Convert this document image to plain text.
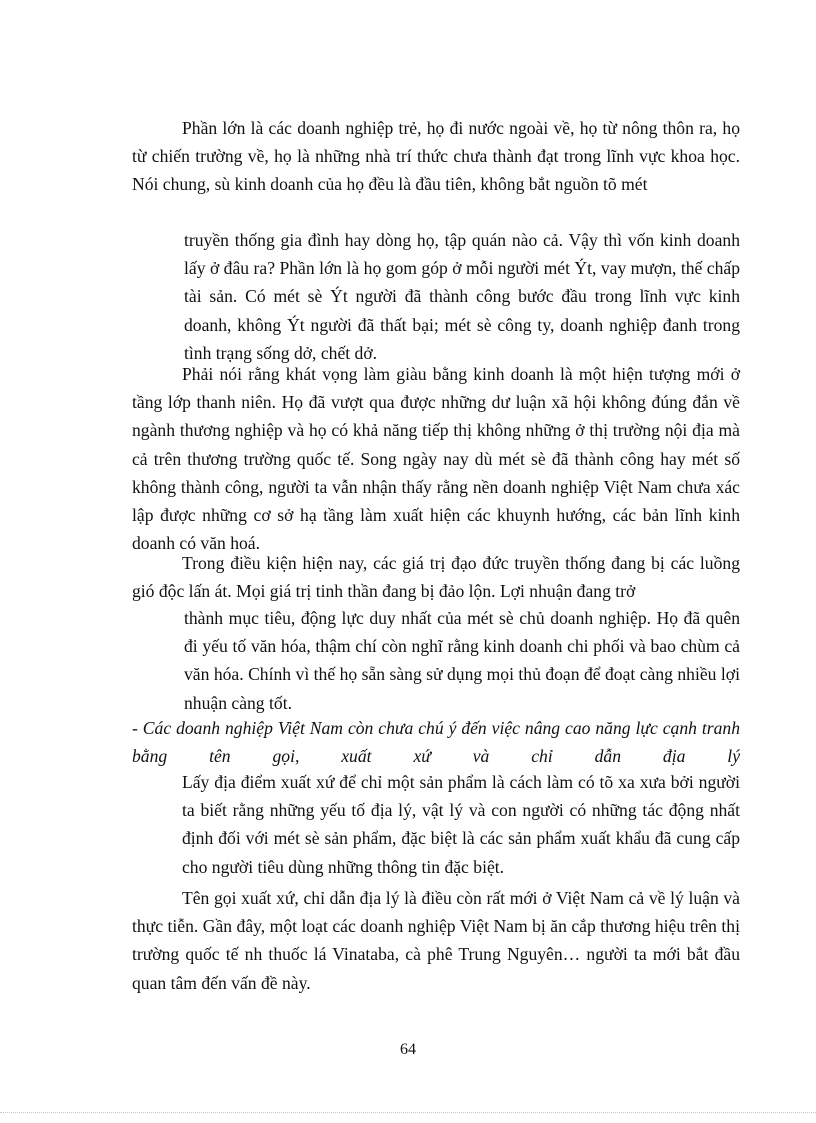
Phần lớn là các doanh nghiệp trẻ, họ đi nước ngoài về, họ từ nông thôn ra, họ từ chiến trường về, họ là những nhà trí thức chưa thành đạt trong lĩnh vực khoa học. Nói chung, sù kinh doanh của họ đều là đầu tiên, không bắt nguồn tõ mét

truyền thống gia đình hay dòng họ, tập quán nào cả. Vậy thì vốn kinh doanh lấy ở đâu ra? Phần lớn là họ gom góp ở mỗi người mét Ýt, vay mượn, thế chấp tài sản. Có mét sè Ýt người đã thành công bước đầu trong lĩnh vực kinh doanh, không Ýt người đã thất bại; mét sè công ty, doanh nghiệp đanh trong tình trạng sống dở, chết dở.

Phải nói rằng khát vọng làm giàu bằng kinh doanh là một hiện tượng mới ở tầng lớp thanh niên. Họ đã vượt qua được những dư luận xã hội không đúng đắn về ngành thương nghiệp và họ có khả năng tiếp thị không những ở thị trường nội địa mà cả trên thương trường quốc tế. Song ngày nay dù mét sè đã thành công hay mét số không thành công, người ta vẫn nhận thấy rằng nền doanh nghiệp Việt Nam chưa xác lập được những cơ sở hạ tầng làm xuất hiện các khuynh hướng, các bản lĩnh kinh doanh có văn hoá.

Trong điều kiện hiện nay, các giá trị đạo đức truyền thống đang bị các luồng gió độc lấn át. Mọi giá trị tinh thần đang bị đảo lộn. Lợi nhuận đang trở

thành mục tiêu, động lực duy nhất của mét sè chủ doanh nghiệp. Họ đã quên đi yếu tố văn hóa, thậm chí còn nghĩ rằng kinh doanh chi phối và bao chùm cả văn hóa. Chính vì thế họ sẵn sàng sử dụng mọi thủ đoạn để đoạt càng nhiều lợi nhuận càng tốt.

- Các doanh nghiệp Việt Nam còn chưa chú ý đến việc nâng cao năng lực cạnh tranh bằng tên gọi, xuất xứ và chỉ dẫn địa lý

Lấy địa điểm xuất xứ để chỉ một sản phẩm là cách làm có tõ xa xưa bởi người ta biết rằng những yếu tố địa lý, vật lý và con người có những tác động nhất định đối với mét sè sản phẩm, đặc biệt là các sản phẩm xuất khẩu đã cung cấp cho người tiêu dùng những thông tin đặc biệt.

Tên gọi xuất xứ, chỉ dẫn địa lý là điều còn rất mới ở Việt Nam cả về lý luận và thực tiễn. Gần đây, một loạt các doanh nghiệp Việt Nam bị ăn cắp thương hiệu trên thị trường quốc tế nh thuốc lá Vinataba, cà phê Trung Nguyên… người ta mới bắt đầu quan tâm đến vấn đề này.

64
